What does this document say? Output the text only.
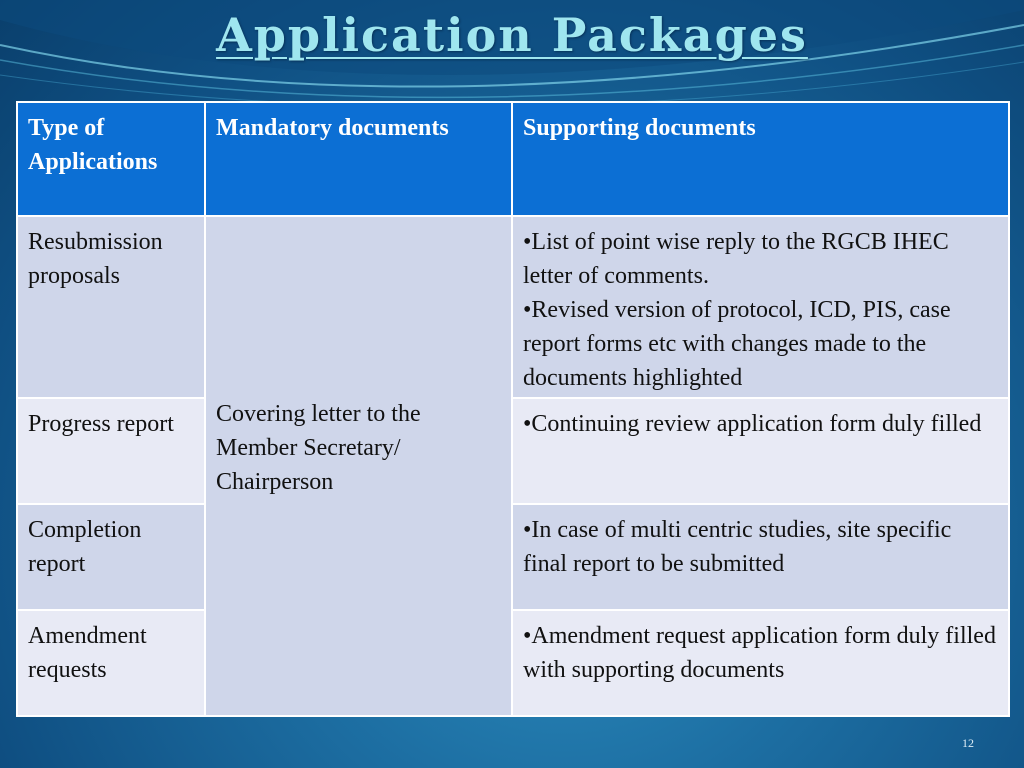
Application Packages
Type of Applications	Mandatory documents	Supporting documents
Resubmission proposals	Covering letter to the Member Secretary/ Chairperson	• List of point wise reply to the RGCB IHEC letter of comments.
• Revised version of protocol, ICD, PIS, case report forms etc with changes made to the documents highlighted

Progress report		• Continuing review application form duly filled

Completion report		• In case of multi centric studies, site specific final report to be submitted

Amendment requests		• Amendment request application form duly filled with supporting documents
12
